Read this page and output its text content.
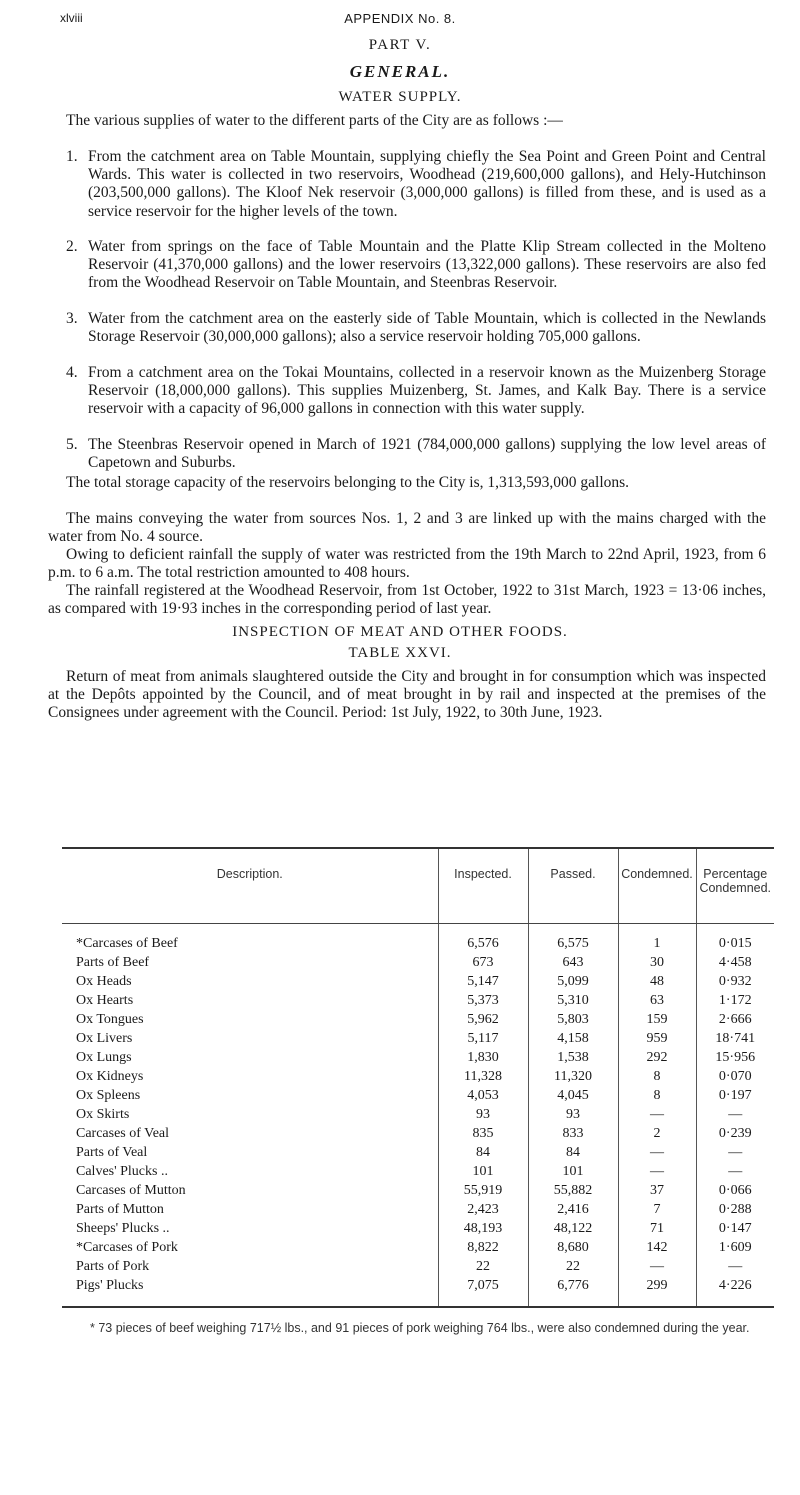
xlviii	APPENDIX No. 8.
PART V.
GENERAL.
WATER SUPPLY.

The various supplies of water to the different parts of the City are as follows :—

1. From the catchment area on Table Mountain, supplying chiefly the Sea Point and Green Point and Central Wards. This water is collected in two reservoirs, Woodhead (219,600,000 gallons), and Hely-Hutchinson (203,500,000 gallons). The Kloof Nek reservoir (3,000,000 gallons) is filled from these, and is used as a service reservoir for the higher levels of the town.
2. Water from springs on the face of Table Mountain and the Platte Klip Stream collected in the Molteno Reservoir (41,370,000 gallons) and the lower reservoirs (13,322,000 gallons). These reservoirs are also fed from the Woodhead Reservoir on Table Mountain, and Steenbras Reservoir.
3. Water from the catchment area on the easterly side of Table Mountain, which is collected in the Newlands Storage Reservoir (30,000,000 gallons); also a service reservoir holding 705,000 gallons.
4. From a catchment area on the Tokai Mountains, collected in a reservoir known as the Muizenberg Storage Reservoir (18,000,000 gallons). This supplies Muizenberg, St. James, and Kalk Bay. There is a service reservoir with a capacity of 96,000 gallons in connection with this water supply.
5. The Steenbras Reservoir opened in March of 1921 (784,000,000 gallons) supplying the low level areas of Capetown and Suburbs.

The total storage capacity of the reservoirs belonging to the City is, 1,313,593,000 gallons.

The mains conveying the water from sources Nos. 1, 2 and 3 are linked up with the mains charged with the water from No. 4 source.

Owing to deficient rainfall the supply of water was restricted from the 19th March to 22nd April, 1923, from 6 p.m. to 6 a.m. The total restriction amounted to 408 hours.

The rainfall registered at the Woodhead Reservoir, from 1st October, 1922 to 31st March, 1923 = 13·06 inches, as compared with 19·93 inches in the corresponding period of last year.

INSPECTION OF MEAT AND OTHER FOODS.
TABLE XXVI.

Return of meat from animals slaughtered outside the City and brought in for consumption which was inspected at the Depôts appointed by the Council, and of meat brought in by rail and inspected at the premises of the Consignees under agreement with the Council. Period: 1st July, 1922, to 30th June, 1923.

Description.	Inspected.	Passed.	Condemned.	Percentage Condemned.
*Carcases of Beef	6,576	6,575	1	0·015
Parts of Beef	673	643	30	4·458
Ox Heads	5,147	5,099	48	0·932
Ox Hearts	5,373	5,310	63	1·172
Ox Tongues	5,962	5,803	159	2·666
Ox Livers	5,117	4,158	959	18·741
Ox Lungs	1,830	1,538	292	15·956
Ox Kidneys	11,328	11,320	8	0·070
Ox Spleens	4,053	4,045	8	0·197
Ox Skirts	93	93	—	—
Carcases of Veal	835	833	2	0·239
Parts of Veal	84	84	—	—
Calves' Plucks ..	101	101	—	—
Carcases of Mutton	55,919	55,882	37	0·066
Parts of Mutton	2,423	2,416	7	0·288
Sheeps' Plucks ..	48,193	48,122	71	0·147
*Carcases of Pork	8,822	8,680	142	1·609
Parts of Pork	22	22	—	—
Pigs' Plucks	7,075	6,776	299	4·226
* 73 pieces of beef weighing 717½ lbs., and 91 pieces of pork weighing 764 lbs., were also condemned during the year.
